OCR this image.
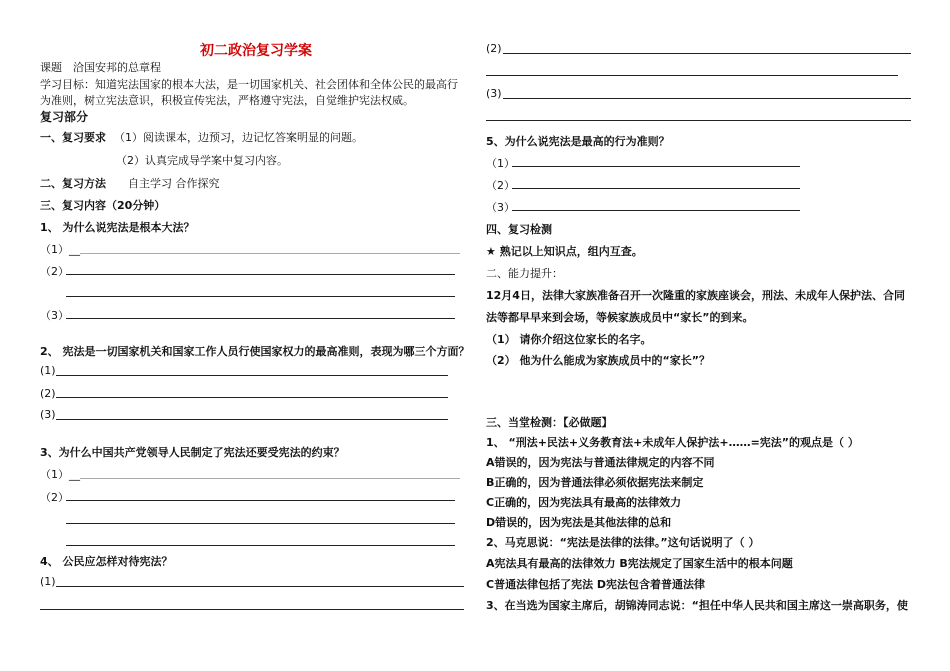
初二政治复习学案
课题　洽国安邦的总章程
学习目标：知道宪法国家的根本大法，是一切国家机关、社会团体和全体公民的最高行为准则，树立宪法意识，积极宣传宪法，严格遵守宪法，自觉维护宪法权威。
复习部分
一、复习要求 （1）阅读课本，边预习，边记忆答案明显的问题。
（2）认真完成导学案中复习内容。
二、复习方法 自主学习 合作探究
三、复习内容（20分钟）
1、 为什么说宪法是根本大法？
（1）__
（2）
（3）
2、 宪法是一切国家机关和国家工作人员行使国家权力的最高准则，表现为哪三个方面？
(1)
(2)
(3)
3、为什么中国共产党领导人民制定了宪法还要受宪法的约束？
（1）__
（2）
4、 公民应怎样对待宪法？
(1)
(2)
(3)
5、为什么说宪法是最高的行为准则？
（1）
（2）
（3）
四、复习检测
★ 熟记以上知识点，组内互查。
二、能力提升：
12月4日，法律大家族准备召开一次隆重的家族座谈会，刑法、未成年人保护法、合同
法等都早早来到会场，等候家族成员中“家长”的到来。
（1） 请你介绍这位家长的名字。
（2） 他为什么能成为家族成员中的“家长”？
三、当堂检测：【必做题】
1、 “刑法+民法+义务教育法+未成年人保护法+……=宪法”的观点是（ ）
A错误的，因为宪法与普通法律规定的内容不同
B正确的，因为普通法律必须依据宪法来制定
C正确的，因为宪法具有最高的法律效力
D错误的，因为宪法是其他法律的总和
2、马克思说：“宪法是法律的法律。”这句话说明了（ ）
A宪法具有最高的法律效力 B宪法规定了国家生活中的根本问题
C普通法律包括了宪法 D宪法包含着普通法律
3、在当选为国家主席后，胡锦涛同志说：“担任中华人民共和国主席这一崇高职务，使
